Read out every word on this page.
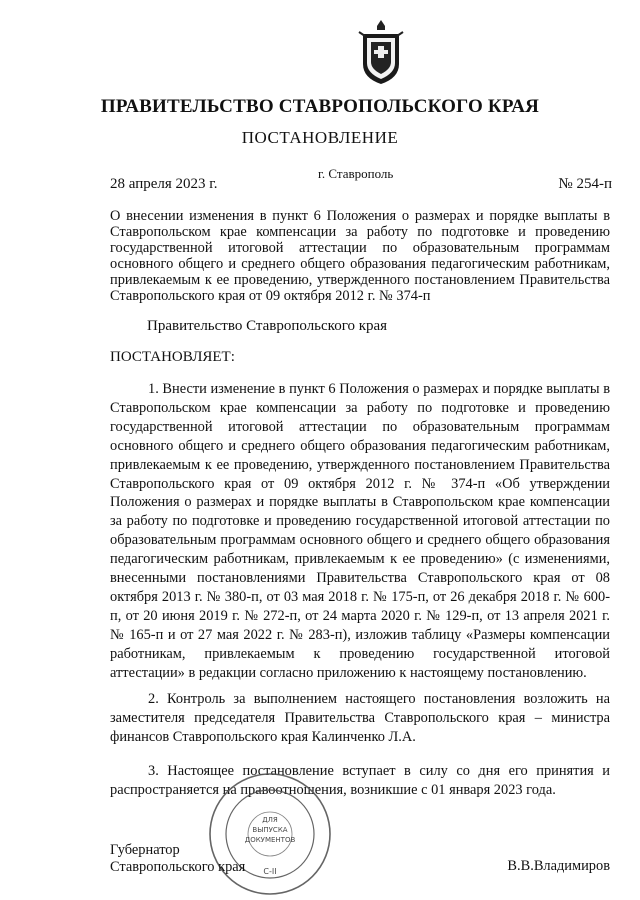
ПРАВИТЕЛЬСТВО СТАВРОПОЛЬСКОГО КРАЯ
ПОСТАНОВЛЕНИЕ
г. Ставрополь
28 апреля 2023 г.	№ 254-п
О внесении изменения в пункт 6 Положения о размерах и порядке выплаты в Ставропольском крае компенсации за работу по подготовке и проведению государственной итоговой аттестации по образовательным программам основного общего и среднего общего образования педагогическим работникам, привлекаемым к ее проведению, утвержденного постановлением Правительства Ставропольского края от 09 октября 2012 г. № 374-п
Правительство Ставропольского края
ПОСТАНОВЛЯЕТ:

1. Внести изменение в пункт 6 Положения о размерах и порядке выплаты в Ставропольском крае компенсации за работу по подготовке и проведению государственной итоговой аттестации по образовательным программам основного общего и среднего общего образования педагогическим работникам, привлекаемым к ее проведению, утвержденного постановлением Правительства Ставропольского края от 09 октября 2012 г. № 374-п «Об утверждении Положения о размерах и порядке выплаты в Ставропольском крае компенсации за работу по подготовке и проведению государственной итоговой аттестации по образовательным программам основного общего и среднего общего образования педагогическим работникам, привлекаемым к ее проведению» (с изменениями, внесенными постановлениями Правительства Ставропольского края от 08 октября 2013 г. № 380-п, от 03 мая 2018 г. № 175-п, от 26 декабря 2018 г. № 600-п, от 20 июня 2019 г. № 272-п, от 24 марта 2020 г. № 129-п, от 13 апреля 2021 г. № 165-п и от 27 мая 2022 г. № 283-п), изложив таблицу «Размеры компенсации работникам, привлекаемым к проведению государственной итоговой аттестации» в редакции согласно приложению к настоящему постановлению.

2. Контроль за выполнением настоящего постановления возложить на заместителя председателя Правительства Ставропольского края – министра финансов Ставропольского края Калинченко Л.А.

3. Настоящее постановление вступает в силу со дня его принятия и распространяется на правоотношения, возникшие с 01 января 2023 года.

ДЛЯ
ВЫПУСКА
ДОКУМЕНТОВ
С-II
Губернатор
Ставропольского края	В.В.Владимиров
